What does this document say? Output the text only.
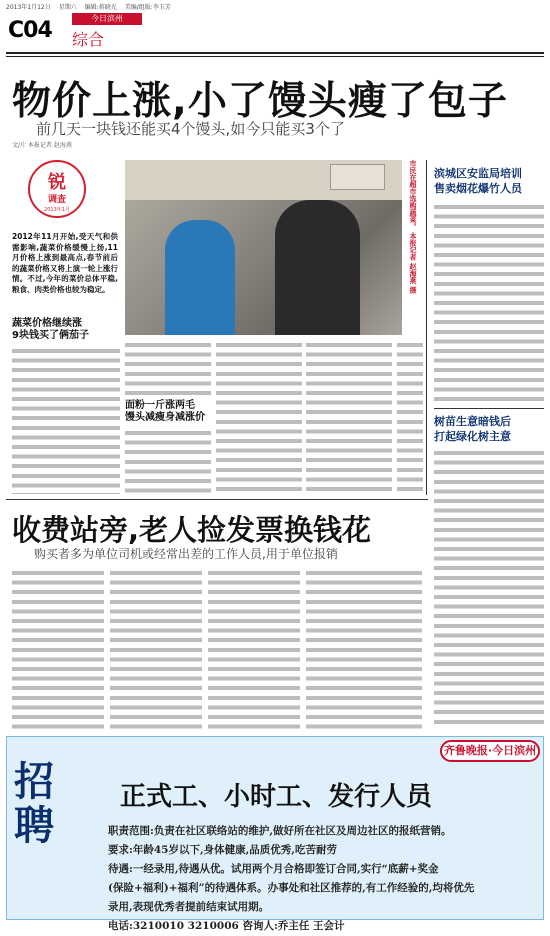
2013年1月12日 星期六 编辑:蒋晓光 美编/组版:李玉芳
C04	今日滨州
综合
物价上涨,小了馒头瘦了包子
前几天一块钱还能买4个馒头,如今只能买3个了
文/片 本报记者 赵海燕
锐
调查
2013年1月
2012年11月开始,受天气和供需影响,蔬菜价格缓慢上扬,11月价格上涨到最高点,春节前后的蔬菜价格又将上演一轮上涨行情。不过,今年的菜价总体平稳,粮食、肉类价格也较为稳定。
蔬菜价格继续涨
9块钱买了俩茄子
市民在超市选购蔬菜。 本报记者 赵海燕 摄
面粉一斤涨两毛
馒头减瘦身减涨价
滨城区安监局培训
售卖烟花爆竹人员
树苗生意暗钱后
打起绿化树主意
收费站旁,老人捡发票换钱花
购买者多为单位司机或经常出差的工作人员,用于单位报销
齐鲁晚报·今日滨州
招聘
正式工、小时工、发行人员
职责范围:负责在社区联络站的维护,做好所在社区及周边社区的报纸营销。
要求:年龄45岁以下,身体健康,品质优秀,吃苦耐劳
待遇:一经录用,待遇从优。试用两个月合格即签订合同,实行“底薪+奖金
(保险+福利)+福利”的待遇体系。办事处和社区推荐的,有工作经验的,均将优先
录用,表现优秀者提前结束试用期。
电话:3210010 3210006 咨询人:乔主任 王会计
